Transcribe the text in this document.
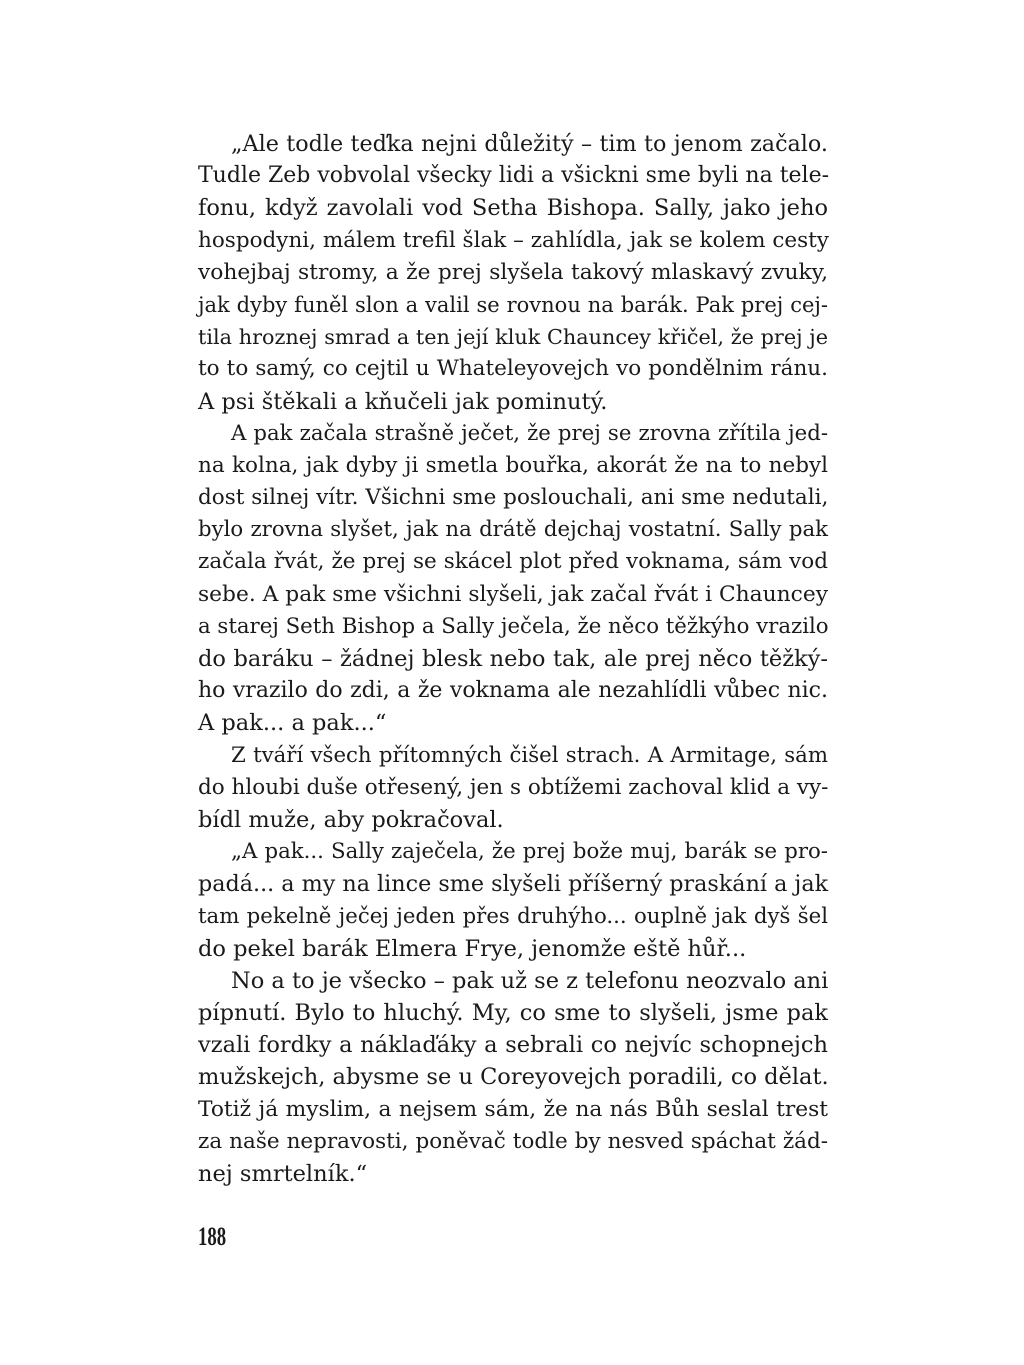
„Ale todle teďka nejni důležitý – tim to jenom začalo.
Tudle Zeb vobvolal všecky lidi a všickni sme byli na tele-
fonu, když zavolali vod Setha Bishopa. Sally, jako jeho
hospodyni, málem trefil šlak – zahlídla, jak se kolem cesty
vohejbaj stromy, a že prej slyšela takový mlaskavý zvuky,
jak dyby funěl slon a valil se rovnou na barák. Pak prej cej-
tila hroznej smrad a ten její kluk Chauncey křičel, že prej je
to to samý, co cejtil u Whateleyovejch vo pondělnim ránu.
A psi štěkali a kňučeli jak pominutý.
A pak začala strašně ječet, že prej se zrovna zřítila jed-
na kolna, jak dyby ji smetla bouřka, akorát že na to nebyl
dost silnej vítr. Všichni sme poslouchali, ani sme nedutali,
bylo zrovna slyšet, jak na drátě dejchaj vostatní. Sally pak
začala řvát, že prej se skácel plot před voknama, sám vod
sebe. A pak sme všichni slyšeli, jak začal řvát i Chauncey
a starej Seth Bishop a Sally ječela, že něco těžkýho vrazilo
do baráku – žádnej blesk nebo tak, ale prej něco těžký-
ho vrazilo do zdi, a že voknama ale nezahlídli vůbec nic.
A pak... a pak...“
Z tváří všech přítomných čišel strach. A Armitage, sám
do hloubi duše otřesený, jen s obtížemi zachoval klid a vy-
bídl muže, aby pokračoval.
„A pak... Sally zaječela, že prej bože muj, barák se pro-
padá... a my na lince sme slyšeli příšerný praskání a jak
tam pekelně ječej jeden přes druhýho... ouplně jak dyš šel
do pekel barák Elmera Frye, jenomže eště hůř...
No a to je všecko – pak už se z telefonu neozvalo ani
pípnutí. Bylo to hluchý. My, co sme to slyšeli, jsme pak
vzali fordky a náklaďáky a sebrali co nejvíc schopnejch
mužskejch, abysme se u Coreyovejch poradili, co dělat.
Totiž já myslim, a nejsem sám, že na nás Bůh seslal trest
za naše nepravosti, poněvač todle by nesved spáchat žád-
nej smrtelník.“
188
